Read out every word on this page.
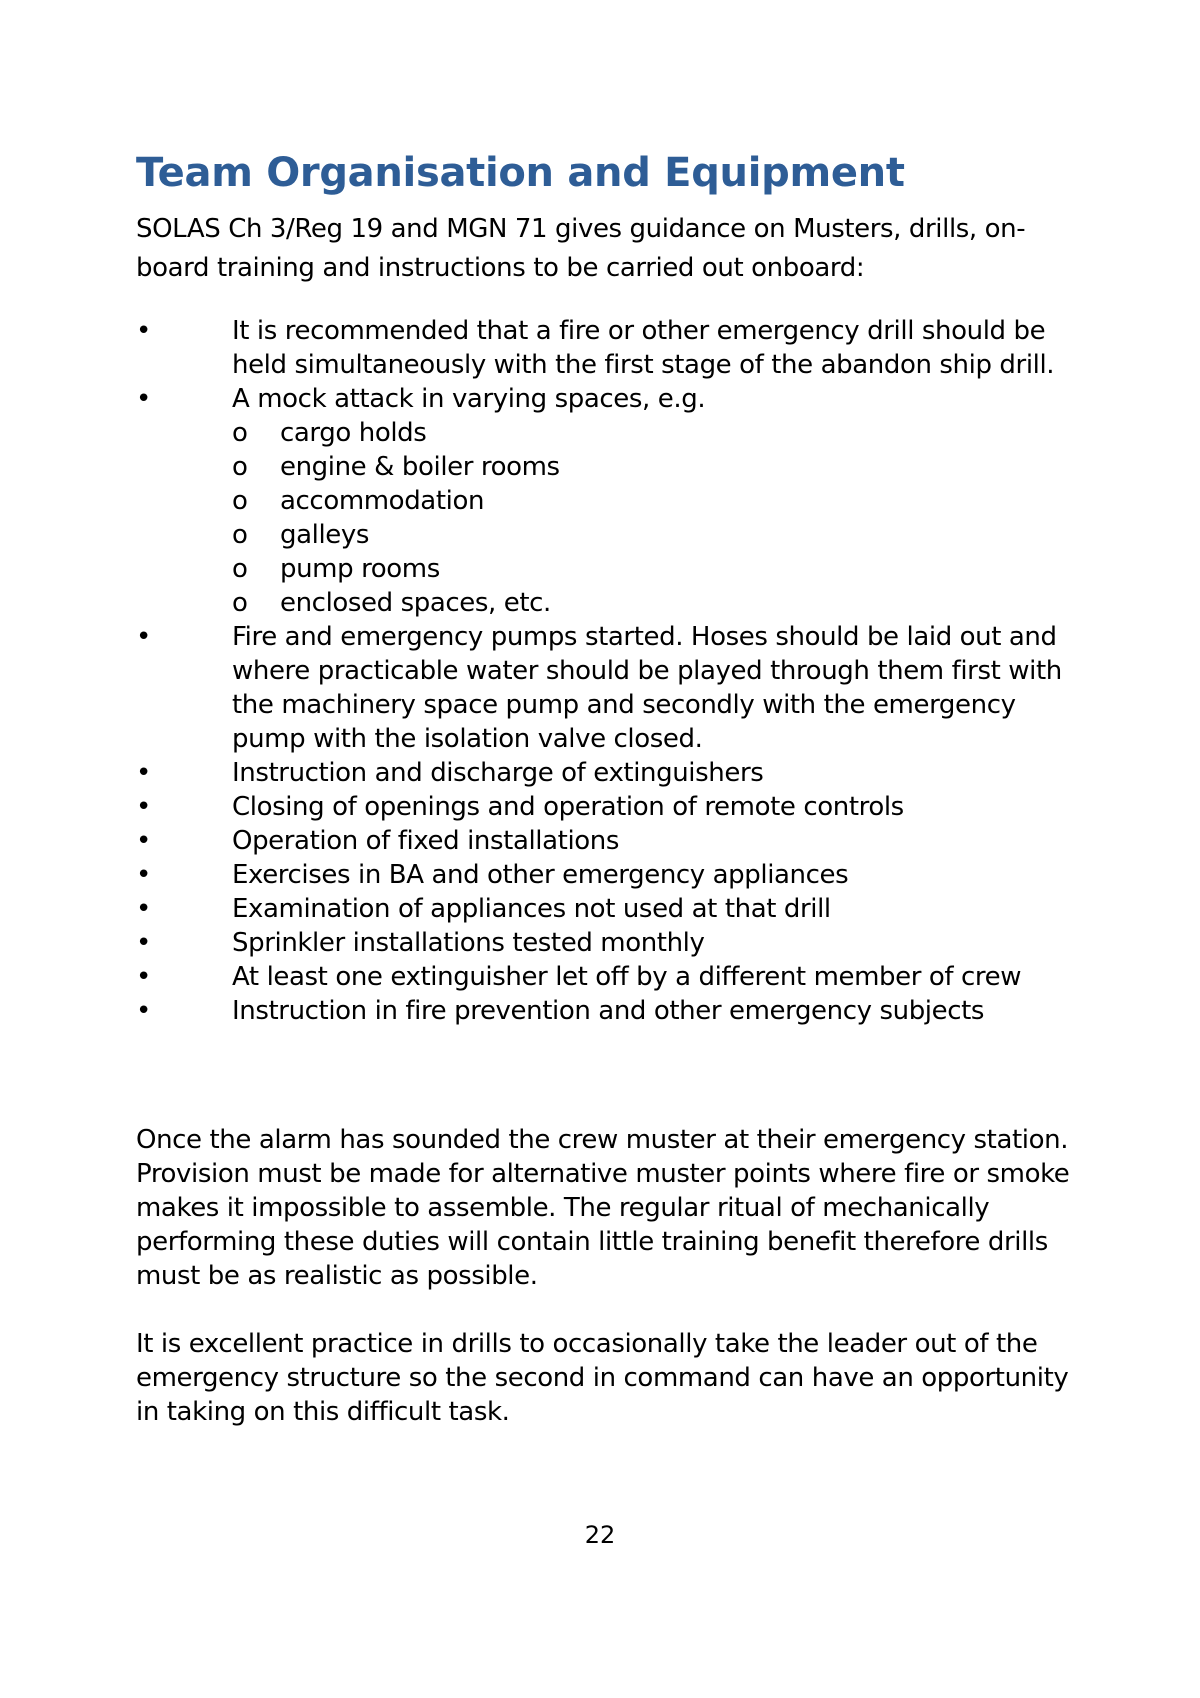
Team Organisation and Equipment

SOLAS Ch 3/Reg 19 and MGN 71 gives guidance on Musters, drills, on-board training and instructions to be carried out onboard:

•	It is recommended that a fire or other emergency drill should be held simultaneously with the first stage of the abandon ship drill.
•	A mock attack in varying spaces, e.g.
o	cargo holds
o	engine & boiler rooms
o	accommodation
o	galleys
o	pump rooms
o	enclosed spaces, etc.
•	Fire and emergency pumps started. Hoses should be laid out and where practicable water should be played through them first with the machinery space pump and secondly with the emergency pump with the isolation valve closed.
•	Instruction and discharge of extinguishers
•	Closing of openings and operation of remote controls
•	Operation of fixed installations
•	Exercises in BA and other emergency appliances
•	Examination of appliances not used at that drill
•	Sprinkler installations tested monthly
•	At least one extinguisher let off by a different member of crew
•	Instruction in fire prevention and other emergency subjects

Once the alarm has sounded the crew muster at their emergency station. Provision must be made for alternative muster points where fire or smoke makes it impossible to assemble. The regular ritual of mechanically performing these duties will contain little training benefit therefore drills must be as realistic as possible.

It is excellent practice in drills to occasionally take the leader out of the emergency structure so the second in command can have an opportunity in taking on this difficult task.

22
